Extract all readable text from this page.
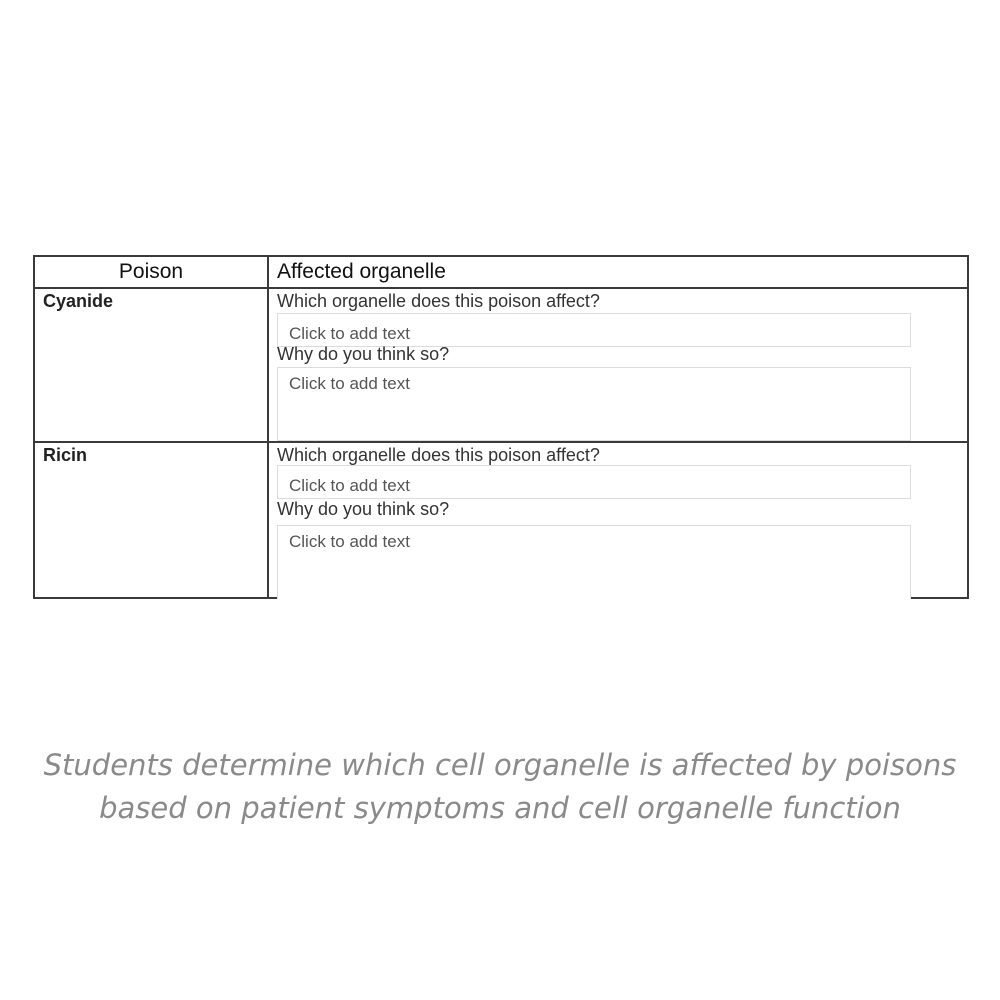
Poison	Affected organelle
Cyanide	Which organelle does this poison affect?
Click to add text
Why do you think so?
Click to add text
Ricin	Which organelle does this poison affect?
Click to add text
Why do you think so?
Click to add text
Students determine which cell organelle is affected by poisons
based on patient symptoms and cell organelle function
